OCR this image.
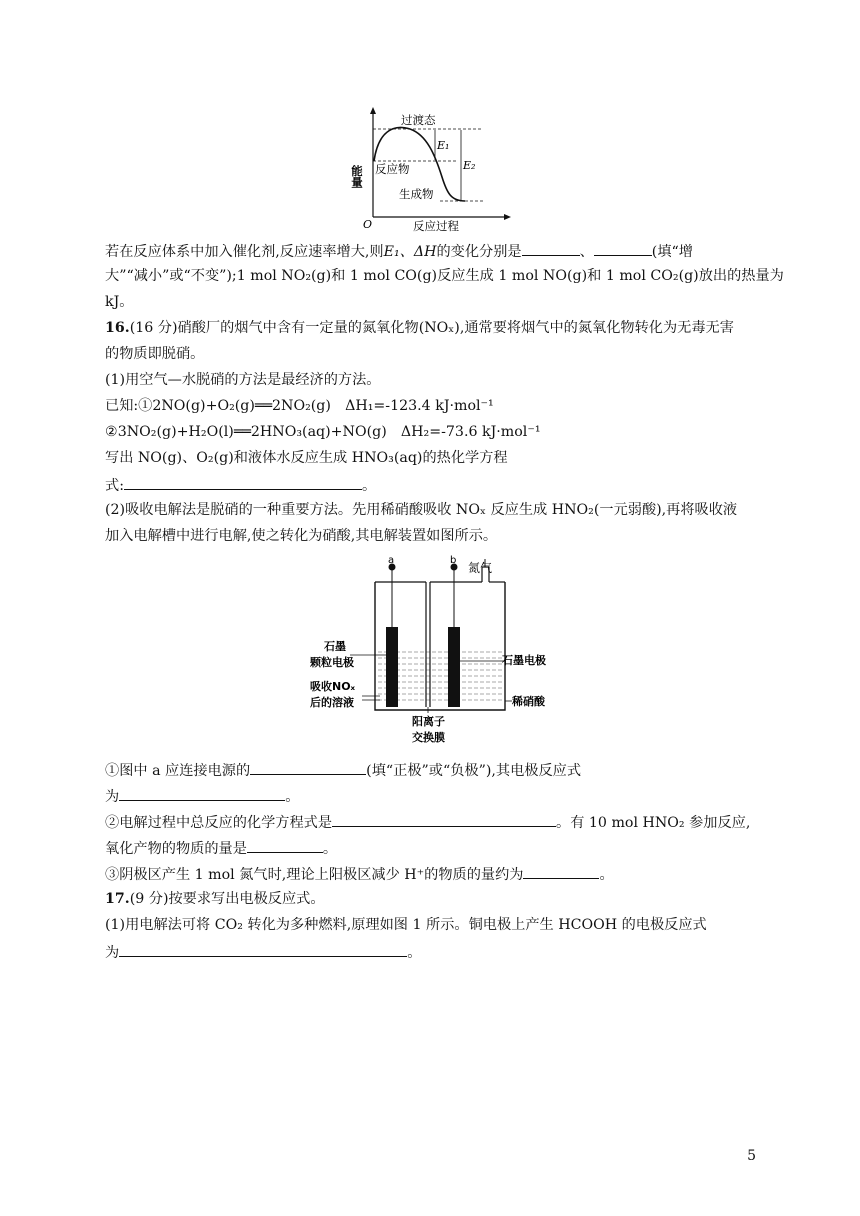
过渡态
E₁
E₂
反应物
生成物
O	反应过程
能量
若在反应体系中加入催化剂,反应速率增大,则E₁、ΔH的变化分别是	、	(填“增
大”“减小”或“不变”);1 mol NO₂(g)和 1 mol CO(g)反应生成 1 mol NO(g)和 1 mol CO₂(g)放出的热量为
kJ。
16.(16 分)硝酸厂的烟气中含有一定量的氮氧化物(NOₓ),通常要将烟气中的氮氧化物转化为无毒无害
的物质即脱硝。
(1)用空气—水脱硝的方法是最经济的方法。
已知:①2NO(g)+O₂(g)══2NO₂(g)　ΔH₁=-123.4 kJ·mol⁻¹
②3NO₂(g)+H₂O(l)══2HNO₃(aq)+NO(g)　ΔH₂=-73.6 kJ·mol⁻¹
写出 NO(g)、O₂(g)和液体水反应生成 HNO₃(aq)的热化学方程
式:	。
(2)吸收电解法是脱硝的一种重要方法。先用稀硝酸吸收 NOₓ 反应生成 HNO₂(一元弱酸),再将吸收液
加入电解槽中进行电解,使之转化为硝酸,其电解装置如图所示。
a	b
氮气
石墨
颗粒电极	石墨电极
吸收NOₓ
后的溶液	稀硝酸
阳离子
交换膜
①图中 a 应连接电源的	(填“正极”或“负极”),其电极反应式
为	。
②电解过程中总反应的化学方程式是	。有 10 mol HNO₂ 参加反应,
氧化产物的物质的量是	。
③阴极区产生 1 mol 氮气时,理论上阳极区减少 H⁺的物质的量约为	。
17.(9 分)按要求写出电极反应式。
(1)用电解法可将 CO₂ 转化为多种燃料,原理如图 1 所示。铜电极上产生 HCOOH 的电极反应式
为	。
5
